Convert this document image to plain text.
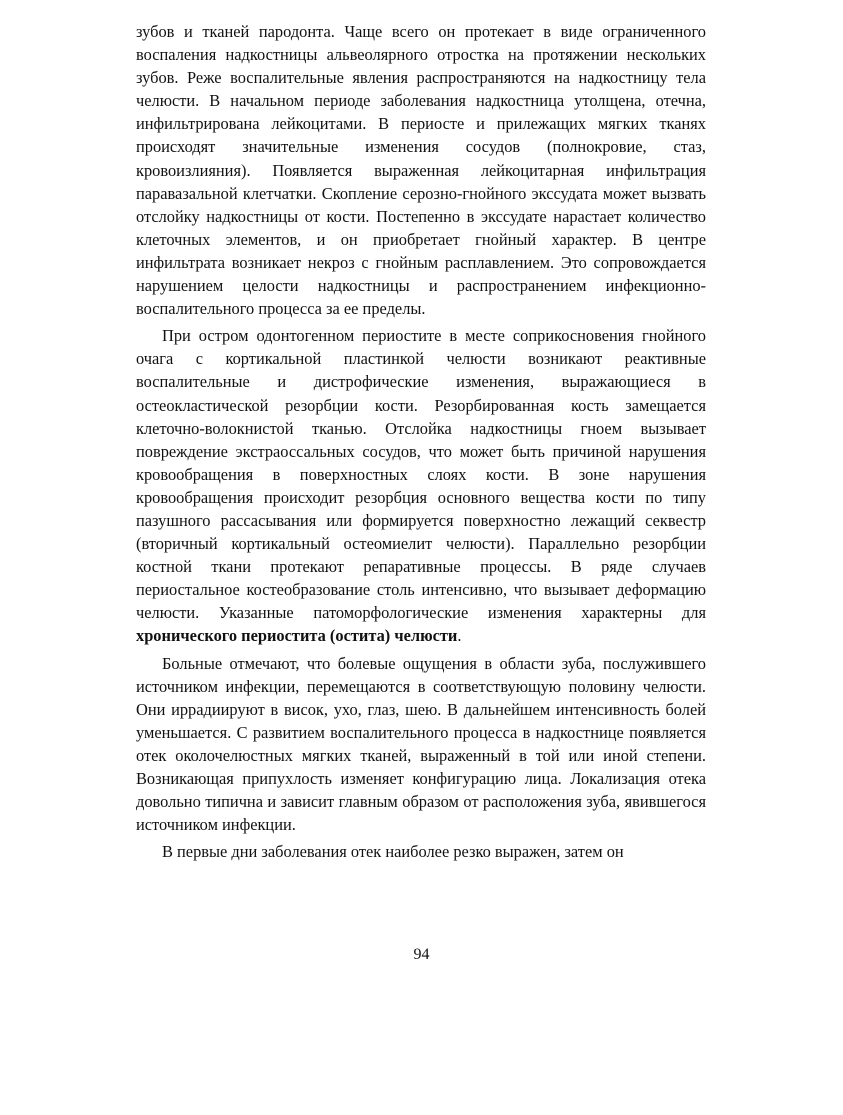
зубов и тканей пародонта. Чаще всего он протекает в виде ограниченного воспаления надкостницы альвеолярного отростка на протяжении нескольких зубов. Реже воспалительные явления распространяются на надкостницу тела челюсти. В начальном периоде заболевания надкостница утолщена, отечна, инфильтрирована лейкоцитами. В периосте и прилежащих мягких тканях происходят значительные изменения сосудов (полнокровие, стаз, кровоизлияния). Появляется выраженная лейкоцитарная инфильтрация паравазальной клетчатки. Скопление серозно-гнойного экссудата может вызвать отслойку надкостницы от кости. Постепенно в экссудате нарастает количество клеточных элементов, и он приобретает гнойный характер. В центре инфильтрата возникает некроз с гнойным расплавлением. Это сопровождается нарушением целости надкостницы и распространением инфекционно-воспалительного процесса за ее пределы.

При остром одонтогенном периостите в месте соприкосновения гнойного очага с кортикальной пластинкой челюсти возникают реактивные воспалительные и дистрофические изменения, выражающиеся в остеокластической резорбции кости. Резорбированная кость замещается клеточно-волокнистой тканью. Отслойка надкостницы гноем вызывает повреждение экстраоссальных сосудов, что может быть причиной нарушения кровообращения в поверхностных слоях кости. В зоне нарушения кровообращения происходит резорбция основного вещества кости по типу пазушного рассасывания или формируется поверхностно лежащий секвестр (вторичный кортикальный остеомиелит челюсти). Параллельно резорбции костной ткани протекают репаративные процессы. В ряде случаев периостальное костеобразование столь интенсивно, что вызывает деформацию челюсти. Указанные патоморфологические изменения характерны для хронического периостита (остита) челюсти.

Больные отмечают, что болевые ощущения в области зуба, послужившего источником инфекции, перемещаются в соответствующую половину челюсти. Они иррадиируют в висок, ухо, глаз, шею. В дальнейшем интенсивность болей уменьшается. С развитием воспалительного процесса в надкостнице появляется отек околочелюстных мягких тканей, выраженный в той или иной степени. Возникающая припухлость изменяет конфигурацию лица. Локализация отека довольно типична и зависит главным образом от расположения зуба, явившегося источником инфекции.

В первые дни заболевания отек наиболее резко выражен, затем он

94
